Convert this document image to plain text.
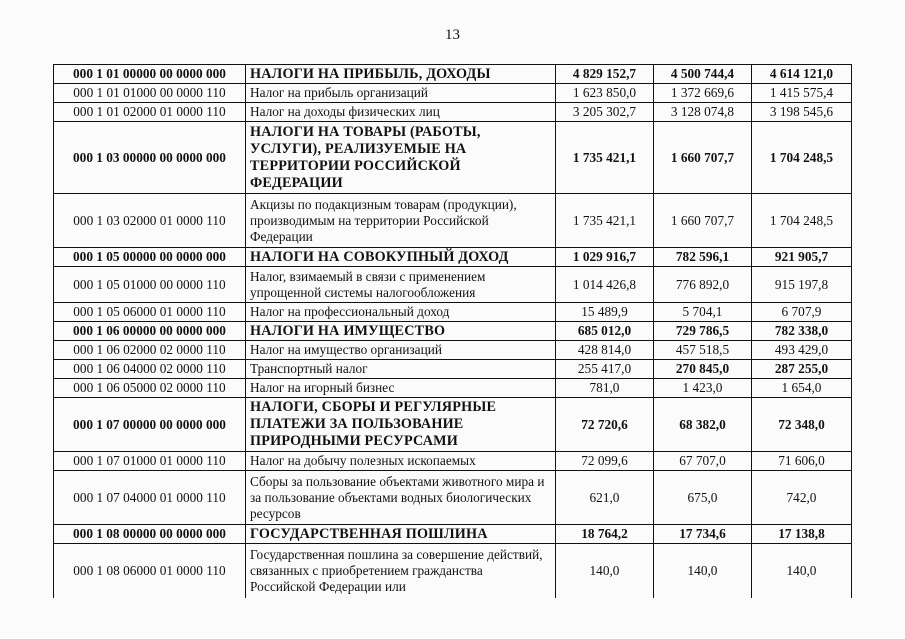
13
000 1 01 00000 00 0000 000	НАЛОГИ НА ПРИБЫЛЬ, ДОХОДЫ	4 829 152,7	4 500 744,4	4 614 121,0
000 1 01 01000 00 0000 110	Налог на прибыль организаций	1 623 850,0	1 372 669,6	1 415 575,4
000 1 01 02000 01 0000 110	Налог на доходы физических лиц	3 205 302,7	3 128 074,8	3 198 545,6
000 1 03 00000 00 0000 000	НАЛОГИ НА ТОВАРЫ (РАБОТЫ, УСЛУГИ), РЕАЛИЗУЕМЫЕ НА ТЕРРИТОРИИ РОССИЙСКОЙ ФЕДЕРАЦИИ	1 735 421,1	1 660 707,7	1 704 248,5
000 1 03 02000 01 0000 110	Акцизы по подакцизным товарам (продукции), производимым на территории Российской Федерации	1 735 421,1	1 660 707,7	1 704 248,5
000 1 05 00000 00 0000 000	НАЛОГИ НА СОВОКУПНЫЙ ДОХОД	1 029 916,7	782 596,1	921 905,7
000 1 05 01000 00 0000 110	Налог, взимаемый в связи с применением упрощенной системы налогообложения	1 014 426,8	776 892,0	915 197,8
000 1 05 06000 01 0000 110	Налог на профессиональный доход	15 489,9	5 704,1	6 707,9
000 1 06 00000 00 0000 000	НАЛОГИ НА ИМУЩЕСТВО	685 012,0	729 786,5	782 338,0
000 1 06 02000 02 0000 110	Налог на имущество организаций	428 814,0	457 518,5	493 429,0
000 1 06 04000 02 0000 110	Транспортный налог	255 417,0	270 845,0	287 255,0
000 1 06 05000 02 0000 110	Налог на игорный бизнес	781,0	1 423,0	1 654,0
000 1 07 00000 00 0000 000	НАЛОГИ, СБОРЫ И РЕГУЛЯРНЫЕ ПЛАТЕЖИ ЗА ПОЛЬЗОВАНИЕ ПРИРОДНЫМИ РЕСУРСАМИ	72 720,6	68 382,0	72 348,0
000 1 07 01000 01 0000 110	Налог на добычу полезных ископаемых	72 099,6	67 707,0	71 606,0
000 1 07 04000 01 0000 110	Сборы за пользование объектами животного мира и за пользование объектами водных биологических ресурсов	621,0	675,0	742,0
000 1 08 00000 00 0000 000	ГОСУДАРСТВЕННАЯ ПОШЛИНА	18 764,2	17 734,6	17 138,8
000 1 08 06000 01 0000 110	Государственная пошлина за совершение действий, связанных с приобретением гражданства Российской Федерации или	140,0	140,0	140,0
